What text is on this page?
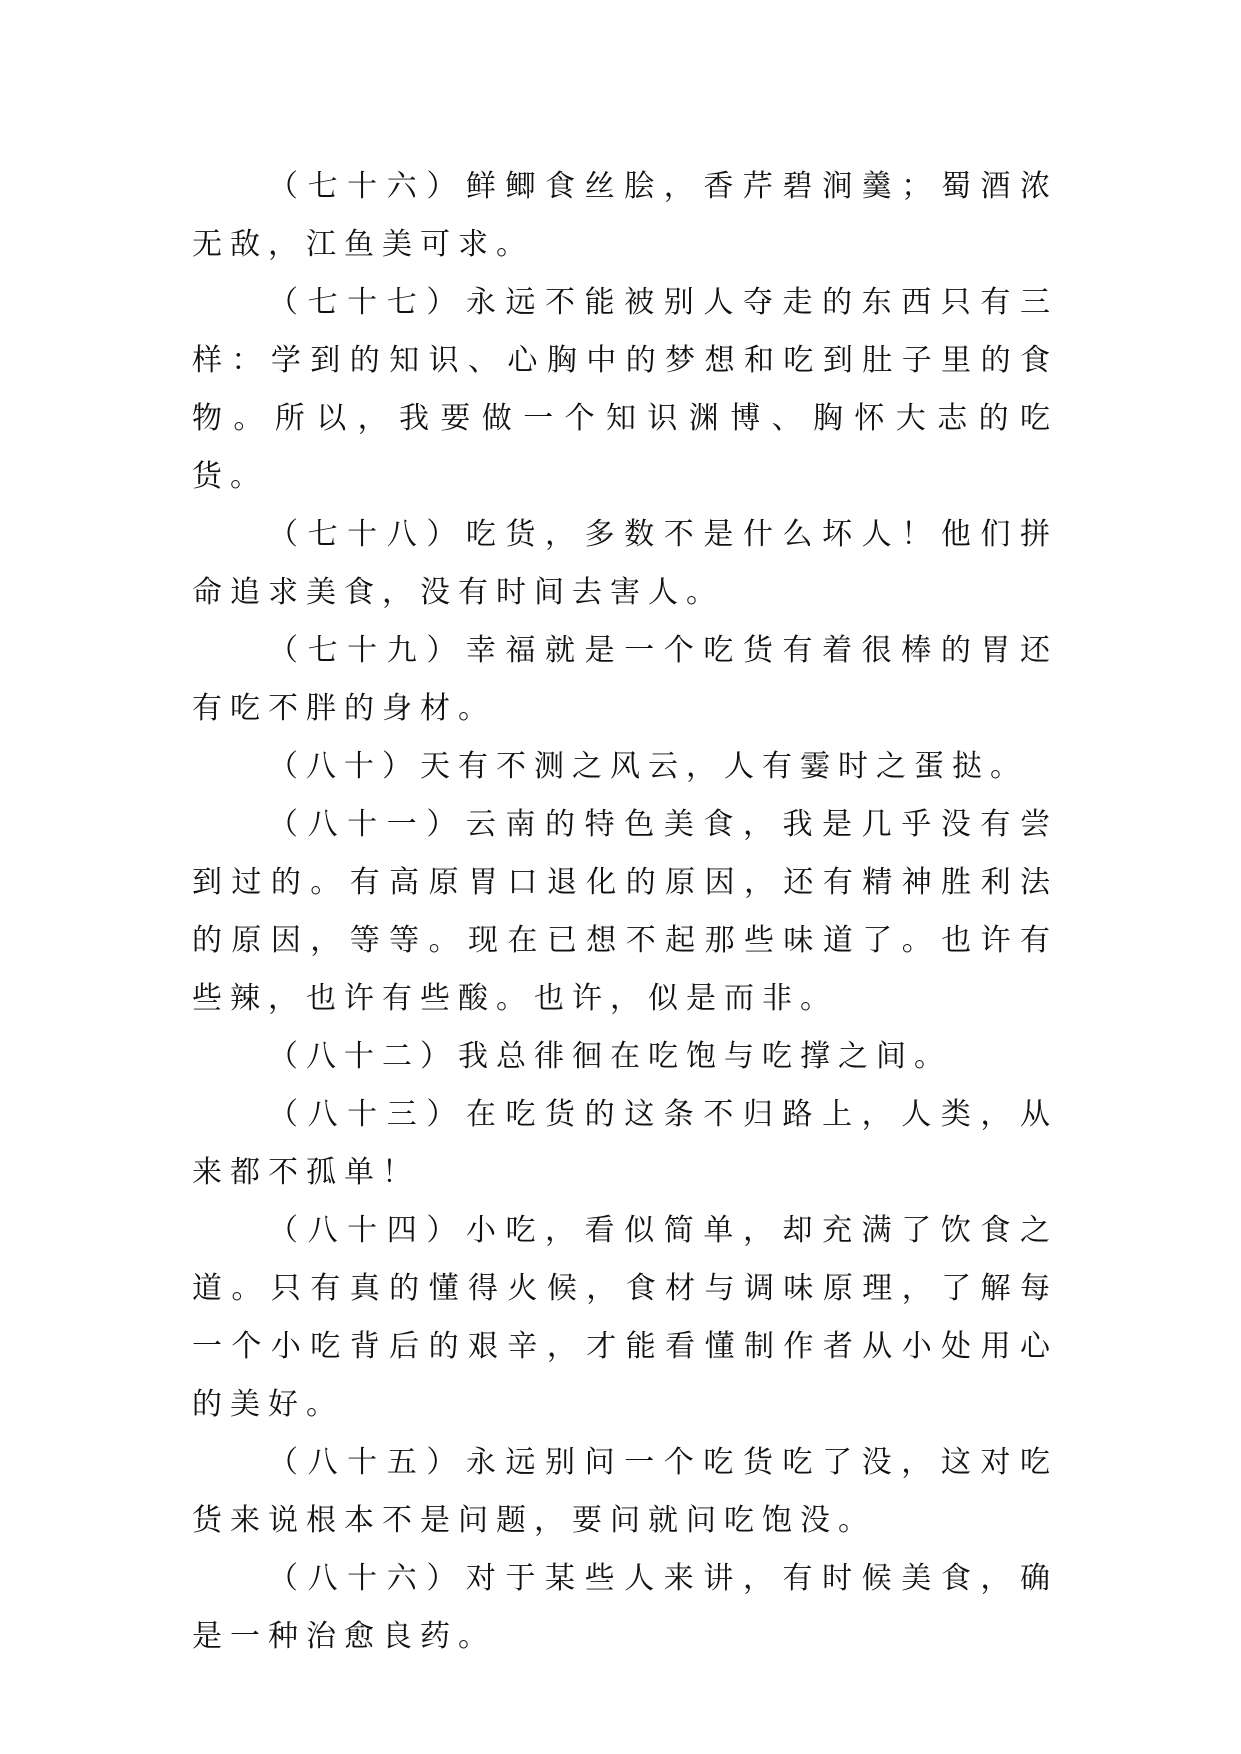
（七十六）鲜鲫食丝脍，香芹碧涧羹；蜀酒浓无敌，江鱼美可求。

（七十七）永远不能被别人夺走的东西只有三样：学到的知识、心胸中的梦想和吃到肚子里的食物。所以，我要做一个知识渊博、胸怀大志的吃货。

（七十八）吃货，多数不是什么坏人！他们拼命追求美食，没有时间去害人。

（七十九）幸福就是一个吃货有着很棒的胃还有吃不胖的身材。

（八十）天有不测之风云，人有霎时之蛋挞。

（八十一）云南的特色美食，我是几乎没有尝到过的。有高原胃口退化的原因，还有精神胜利法的原因，等等。现在已想不起那些味道了。也许有些辣，也许有些酸。也许，似是而非。

（八十二）我总徘徊在吃饱与吃撑之间。

（八十三）在吃货的这条不归路上，人类，从来都不孤单！

（八十四）小吃，看似简单，却充满了饮食之道。只有真的懂得火候，食材与调味原理，了解每一个小吃背后的艰辛，才能看懂制作者从小处用心的美好。

（八十五）永远别问一个吃货吃了没，这对吃货来说根本不是问题，要问就问吃饱没。

（八十六）对于某些人来讲，有时候美食，确是一种治愈良药。
